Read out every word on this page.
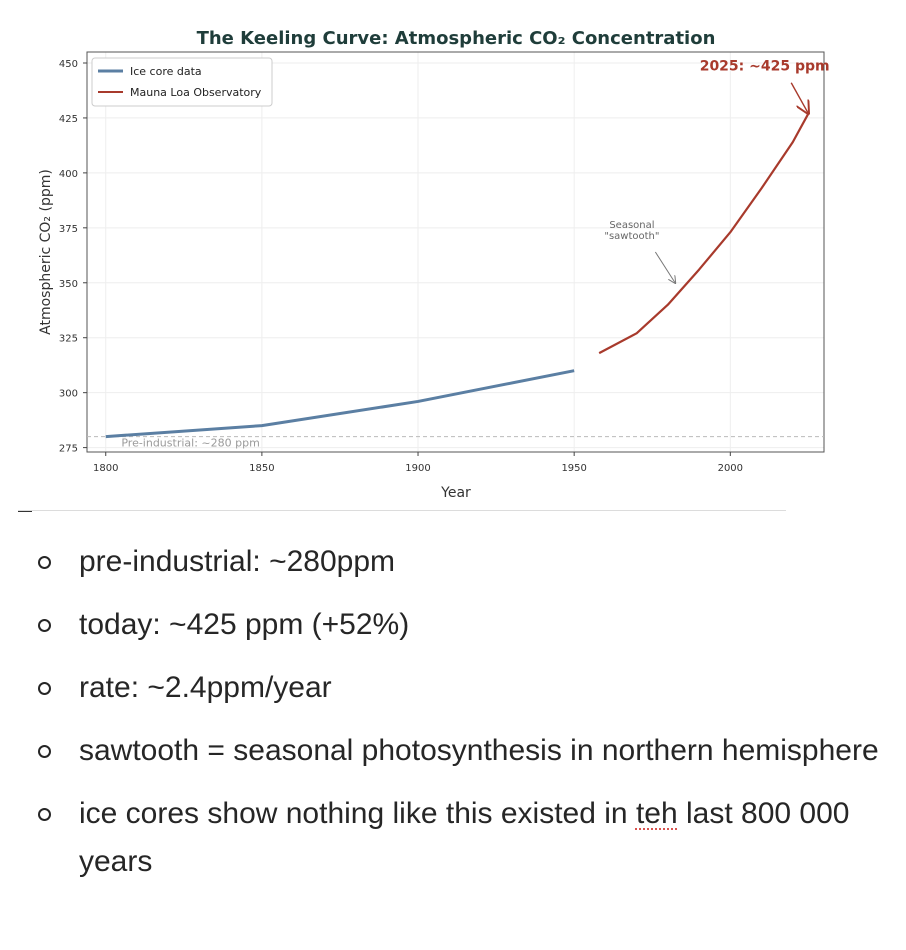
The Keeling Curve: Atmospheric CO₂ Concentration
1800	1850	1900	1950	2000
275
300
325
350
375
400
425
450
Year
Atmospheric CO₂ (ppm)
Pre-industrial: ~280 ppm
Seasonal
"sawtooth"
2025: ~425 ppm
Ice core data
Mauna Loa Observatory
pre-industrial: ~280ppm
today: ~425 ppm (+52%)
rate: ~2.4ppm/year
sawtooth = seasonal photosynthesis in northern hemisphere
ice cores show nothing like this existed in teh last 800 000 years
